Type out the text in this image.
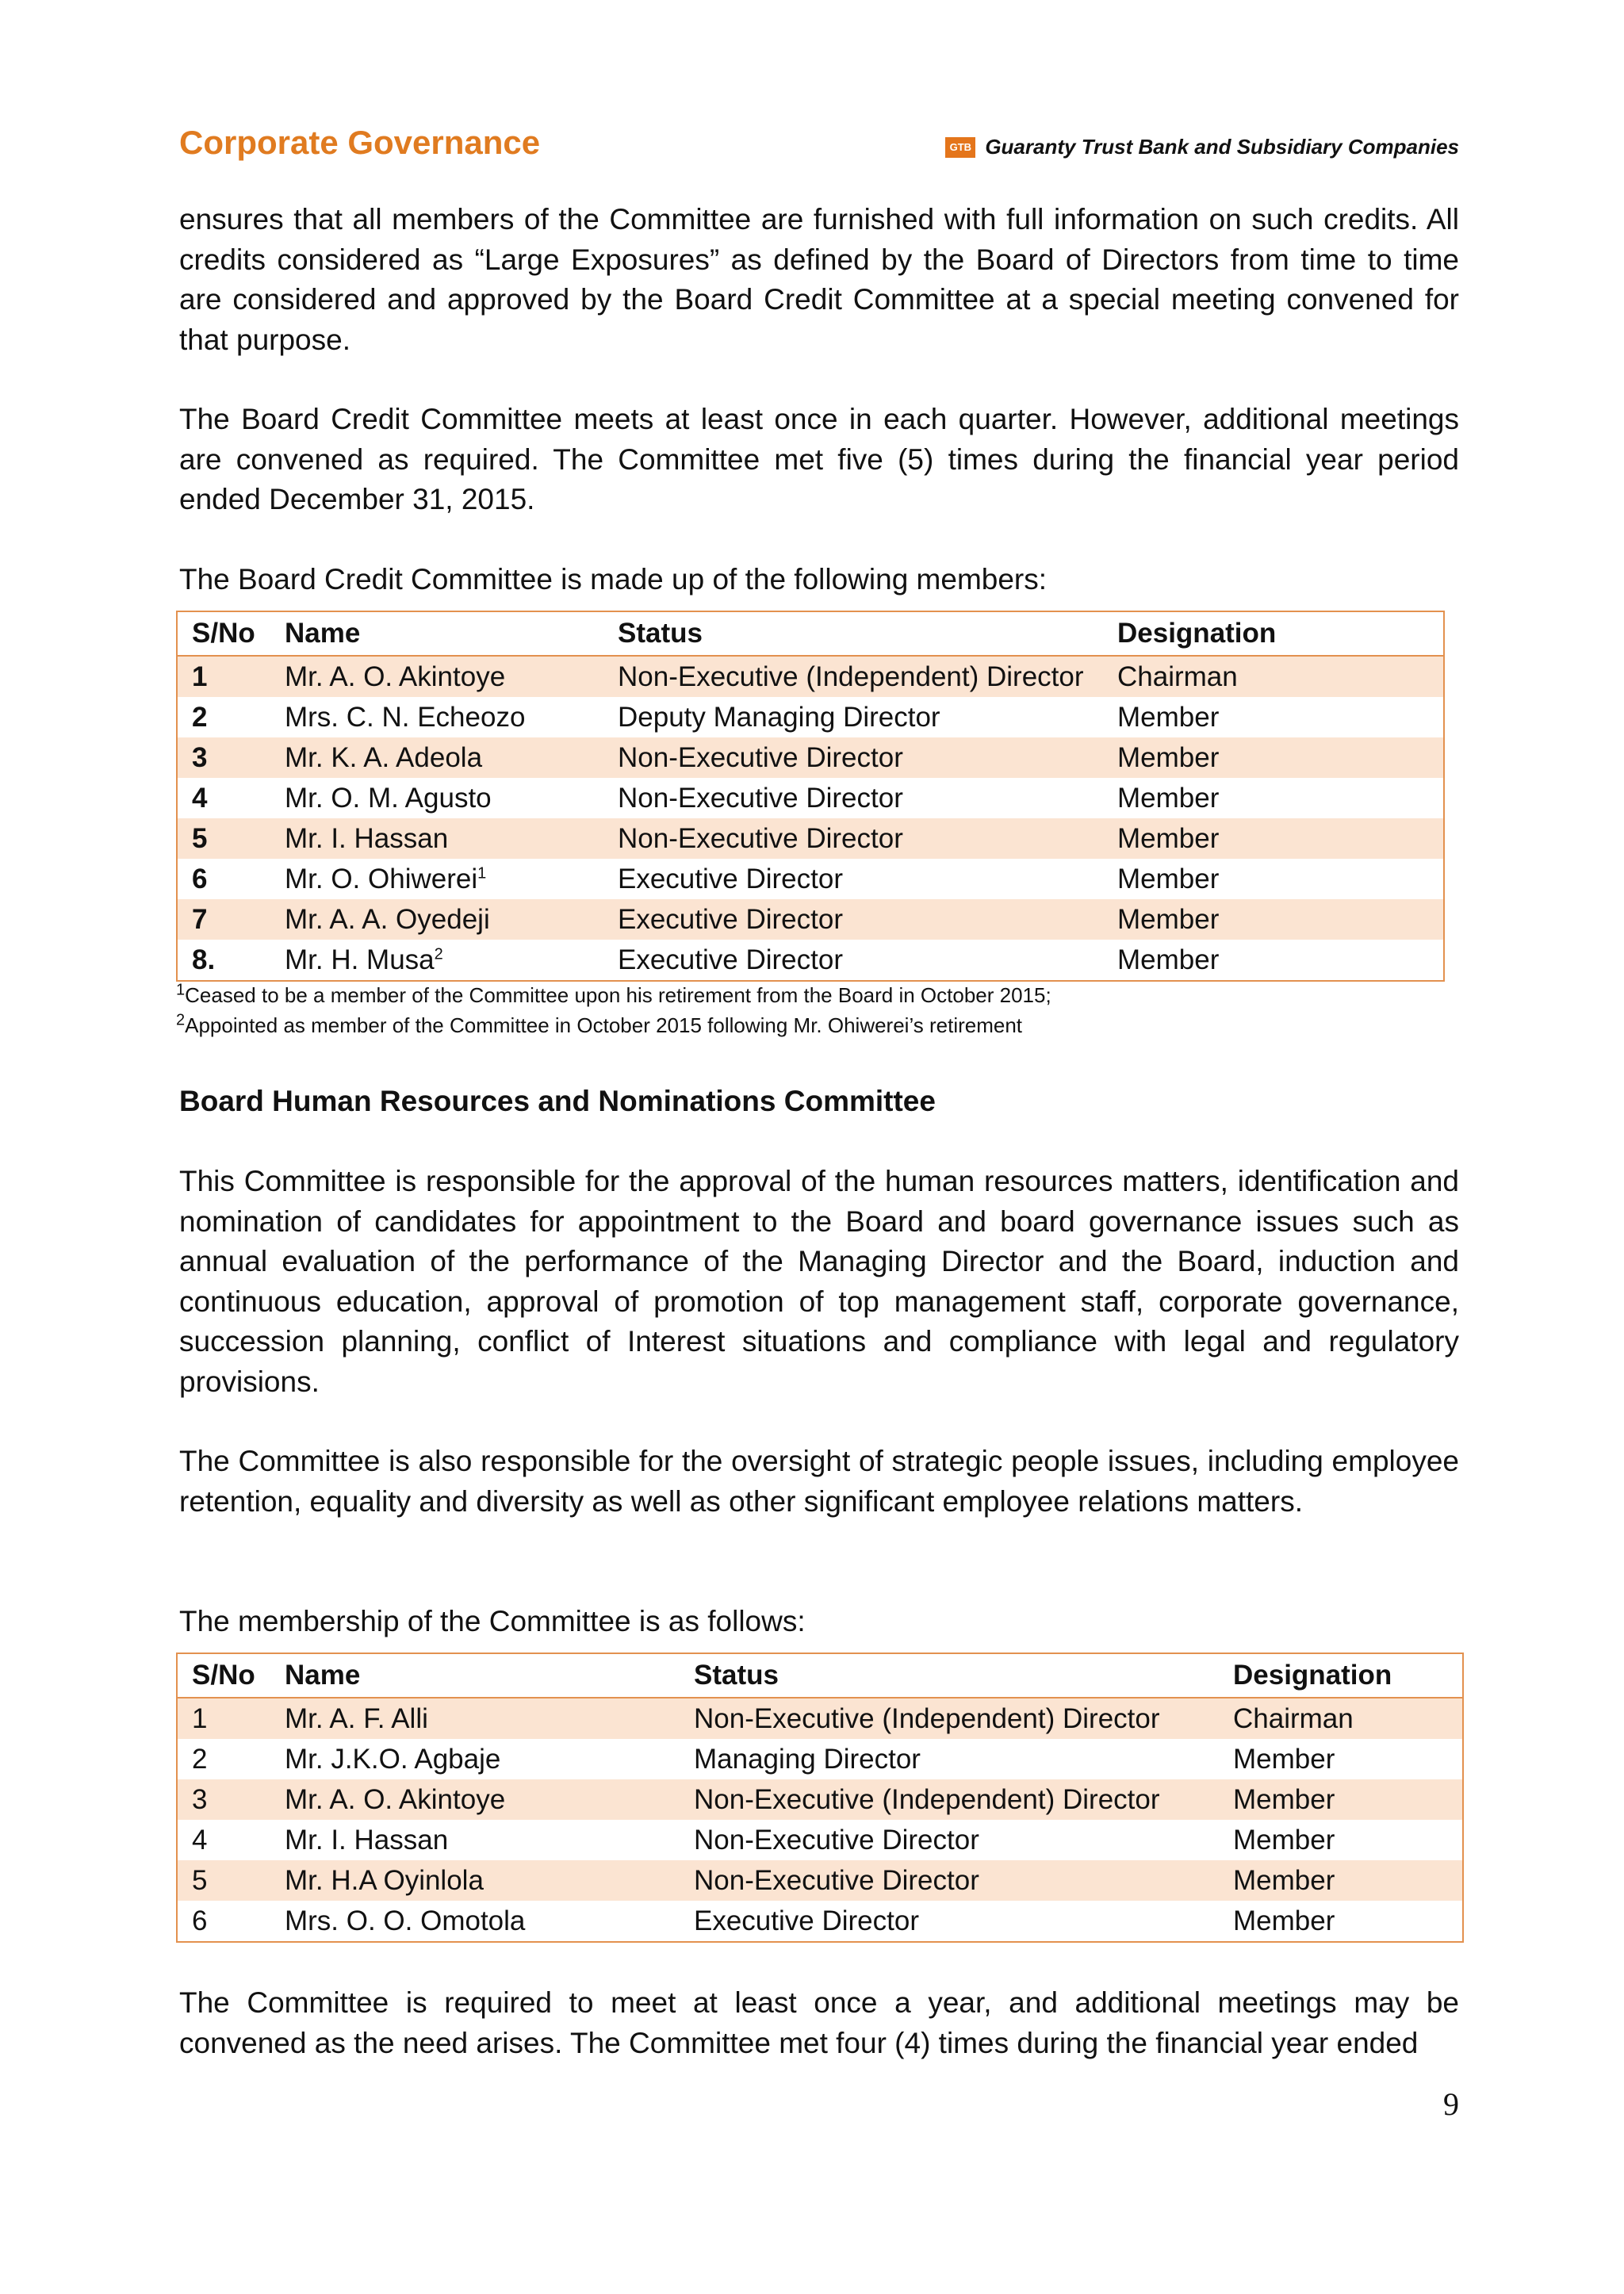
Corporate Governance	GTB Guaranty Trust Bank and Subsidiary Companies
ensures that all members of the Committee are furnished with full information on such credits. All credits considered as “Large Exposures” as defined by the Board of Directors from time to time are considered and approved by the Board Credit Committee at a special meeting convened for that purpose.
The Board Credit Committee meets at least once in each quarter. However, additional meetings are convened as required. The Committee met five (5) times during the financial year period ended December 31, 2015.
The Board Credit Committee is made up of the following members:
S/No	Name	Status	Designation
1	Mr. A. O. Akintoye	Non-Executive (Independent) Director	Chairman
2	Mrs. C. N. Echeozo	Deputy Managing Director	Member
3	Mr. K. A. Adeola	Non-Executive Director	Member
4	Mr. O. M. Agusto	Non-Executive Director	Member
5	Mr. I. Hassan	Non-Executive Director	Member
6	Mr. O. Ohiwerei$^1$	Executive Director	Member
7	Mr. A. A. Oyedeji	Executive Director	Member
8.	Mr. H. Musa$^2$	Executive Director	Member
$^1$Ceased to be a member of the Committee upon his retirement from the Board in October 2015;
$^2$Appointed as member of the Committee in October 2015 following Mr. Ohiwerei’s retirement
Board Human Resources and Nominations Committee
This Committee is responsible for the approval of the human resources matters, identification and nomination of candidates for appointment to the Board and board governance issues such as annual evaluation of the performance of the Managing Director and the Board, induction and continuous education, approval of promotion of top management staff, corporate governance, succession planning, conflict of Interest situations and compliance with legal and regulatory provisions.
The Committee is also responsible for the oversight of strategic people issues, including employee retention, equality and diversity as well as other significant employee relations matters.
The membership of the Committee is as follows:
S/No	Name	Status	Designation
1	Mr. A. F. Alli	Non-Executive (Independent) Director	Chairman
2	Mr. J.K.O. Agbaje	Managing Director	Member
3	Mr. A. O. Akintoye	Non-Executive (Independent) Director	Member
4	Mr. I. Hassan	Non-Executive Director	Member
5	Mr. H.A Oyinlola	Non-Executive Director	Member
6	Mrs. O. O. Omotola	Executive Director	Member
The Committee is required to meet at least once a year, and additional meetings may be convened as the need arises. The Committee met four (4) times during the financial year ended
9
